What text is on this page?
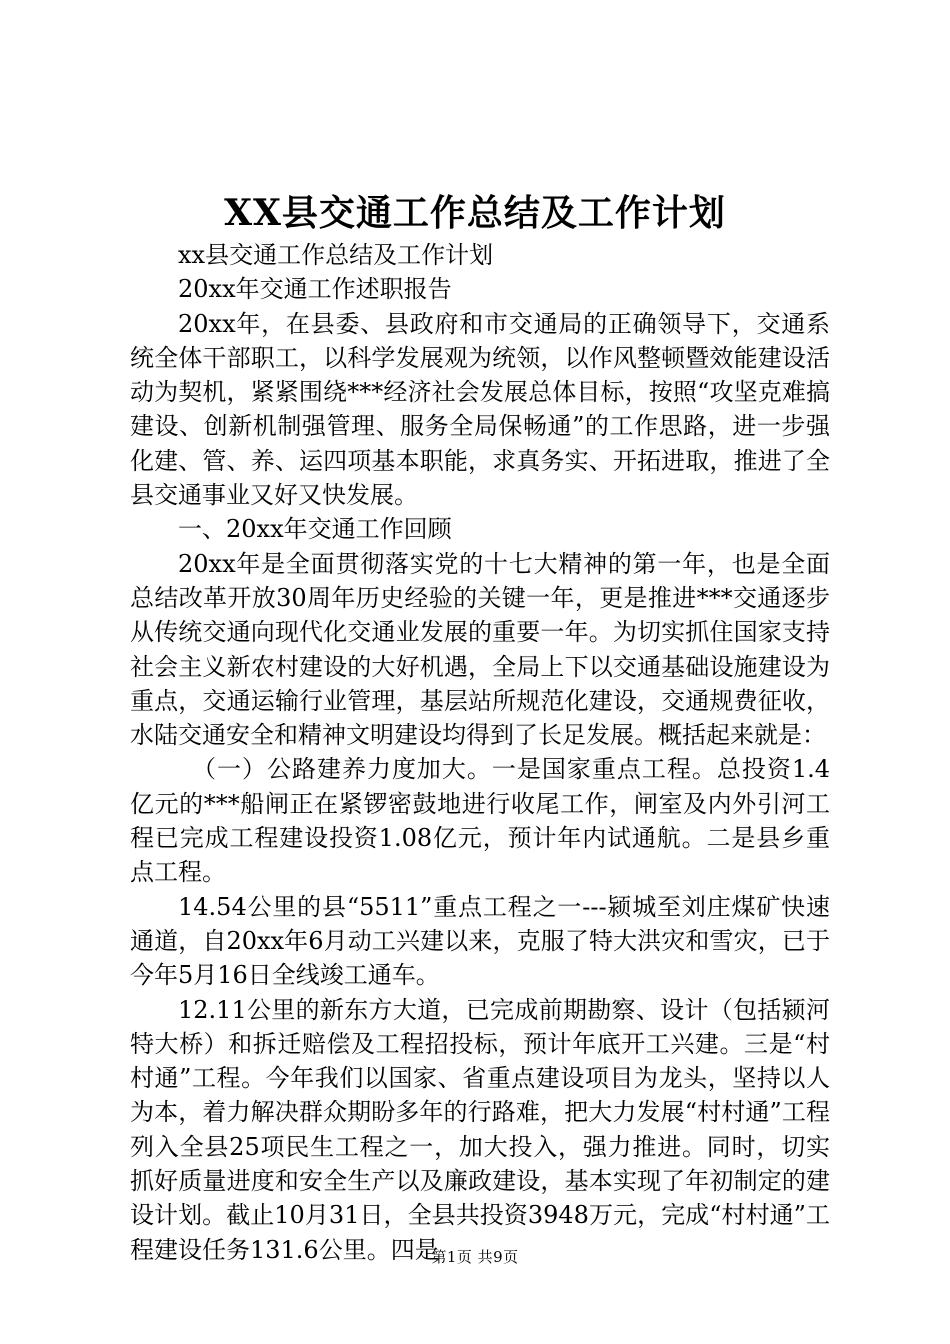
XX县交通工作总结及工作计划

xx县交通工作总结及工作计划

20xx年交通工作述职报告

20xx年，在县委、县政府和市交通局的正确领导下，交通系统全体干部职工，以科学发展观为统领，以作风整顿暨效能建设活动为契机，紧紧围绕***经济社会发展总体目标，按照“攻坚克难搞建设、创新机制强管理、服务全局保畅通”的工作思路，进一步强化建、管、养、运四项基本职能，求真务实、开拓进取，推进了全县交通事业又好又快发展。

一、20xx年交通工作回顾

20xx年是全面贯彻落实党的十七大精神的第一年，也是全面总结改革开放30周年历史经验的关键一年，更是推进***交通逐步从传统交通向现代化交通业发展的重要一年。为切实抓住国家支持社会主义新农村建设的大好机遇，全局上下以交通基础设施建设为重点，交通运输行业管理，基层站所规范化建设，交通规费征收，水陆交通安全和精神文明建设均得到了长足发展。概括起来就是：

（一）公路建养力度加大。一是国家重点工程。总投资1.4亿元的***船闸正在紧锣密鼓地进行收尾工作，闸室及内外引河工程已完成工程建设投资1.08亿元，预计年内试通航。二是县乡重点工程。

14.54公里的县“5511”重点工程之一---颍城至刘庄煤矿快速通道，自20xx年6月动工兴建以来，克服了特大洪灾和雪灾，已于今年5月16日全线竣工通车。

12.11公里的新东方大道，已完成前期勘察、设计（包括颍河特大桥）和拆迁赔偿及工程招投标，预计年底开工兴建。三是“村村通”工程。今年我们以国家、省重点建设项目为龙头，坚持以人为本，着力解决群众期盼多年的行路难，把大力发展“村村通”工程列入全县25项民生工程之一，加大投入，强力推进。同时，切实抓好质量进度和安全生产以及廉政建设，基本实现了年初制定的建设计划。截止10月31日，全县共投资3948万元，完成“村村通”工程建设任务131.6公里。四是

第1页 共9页
